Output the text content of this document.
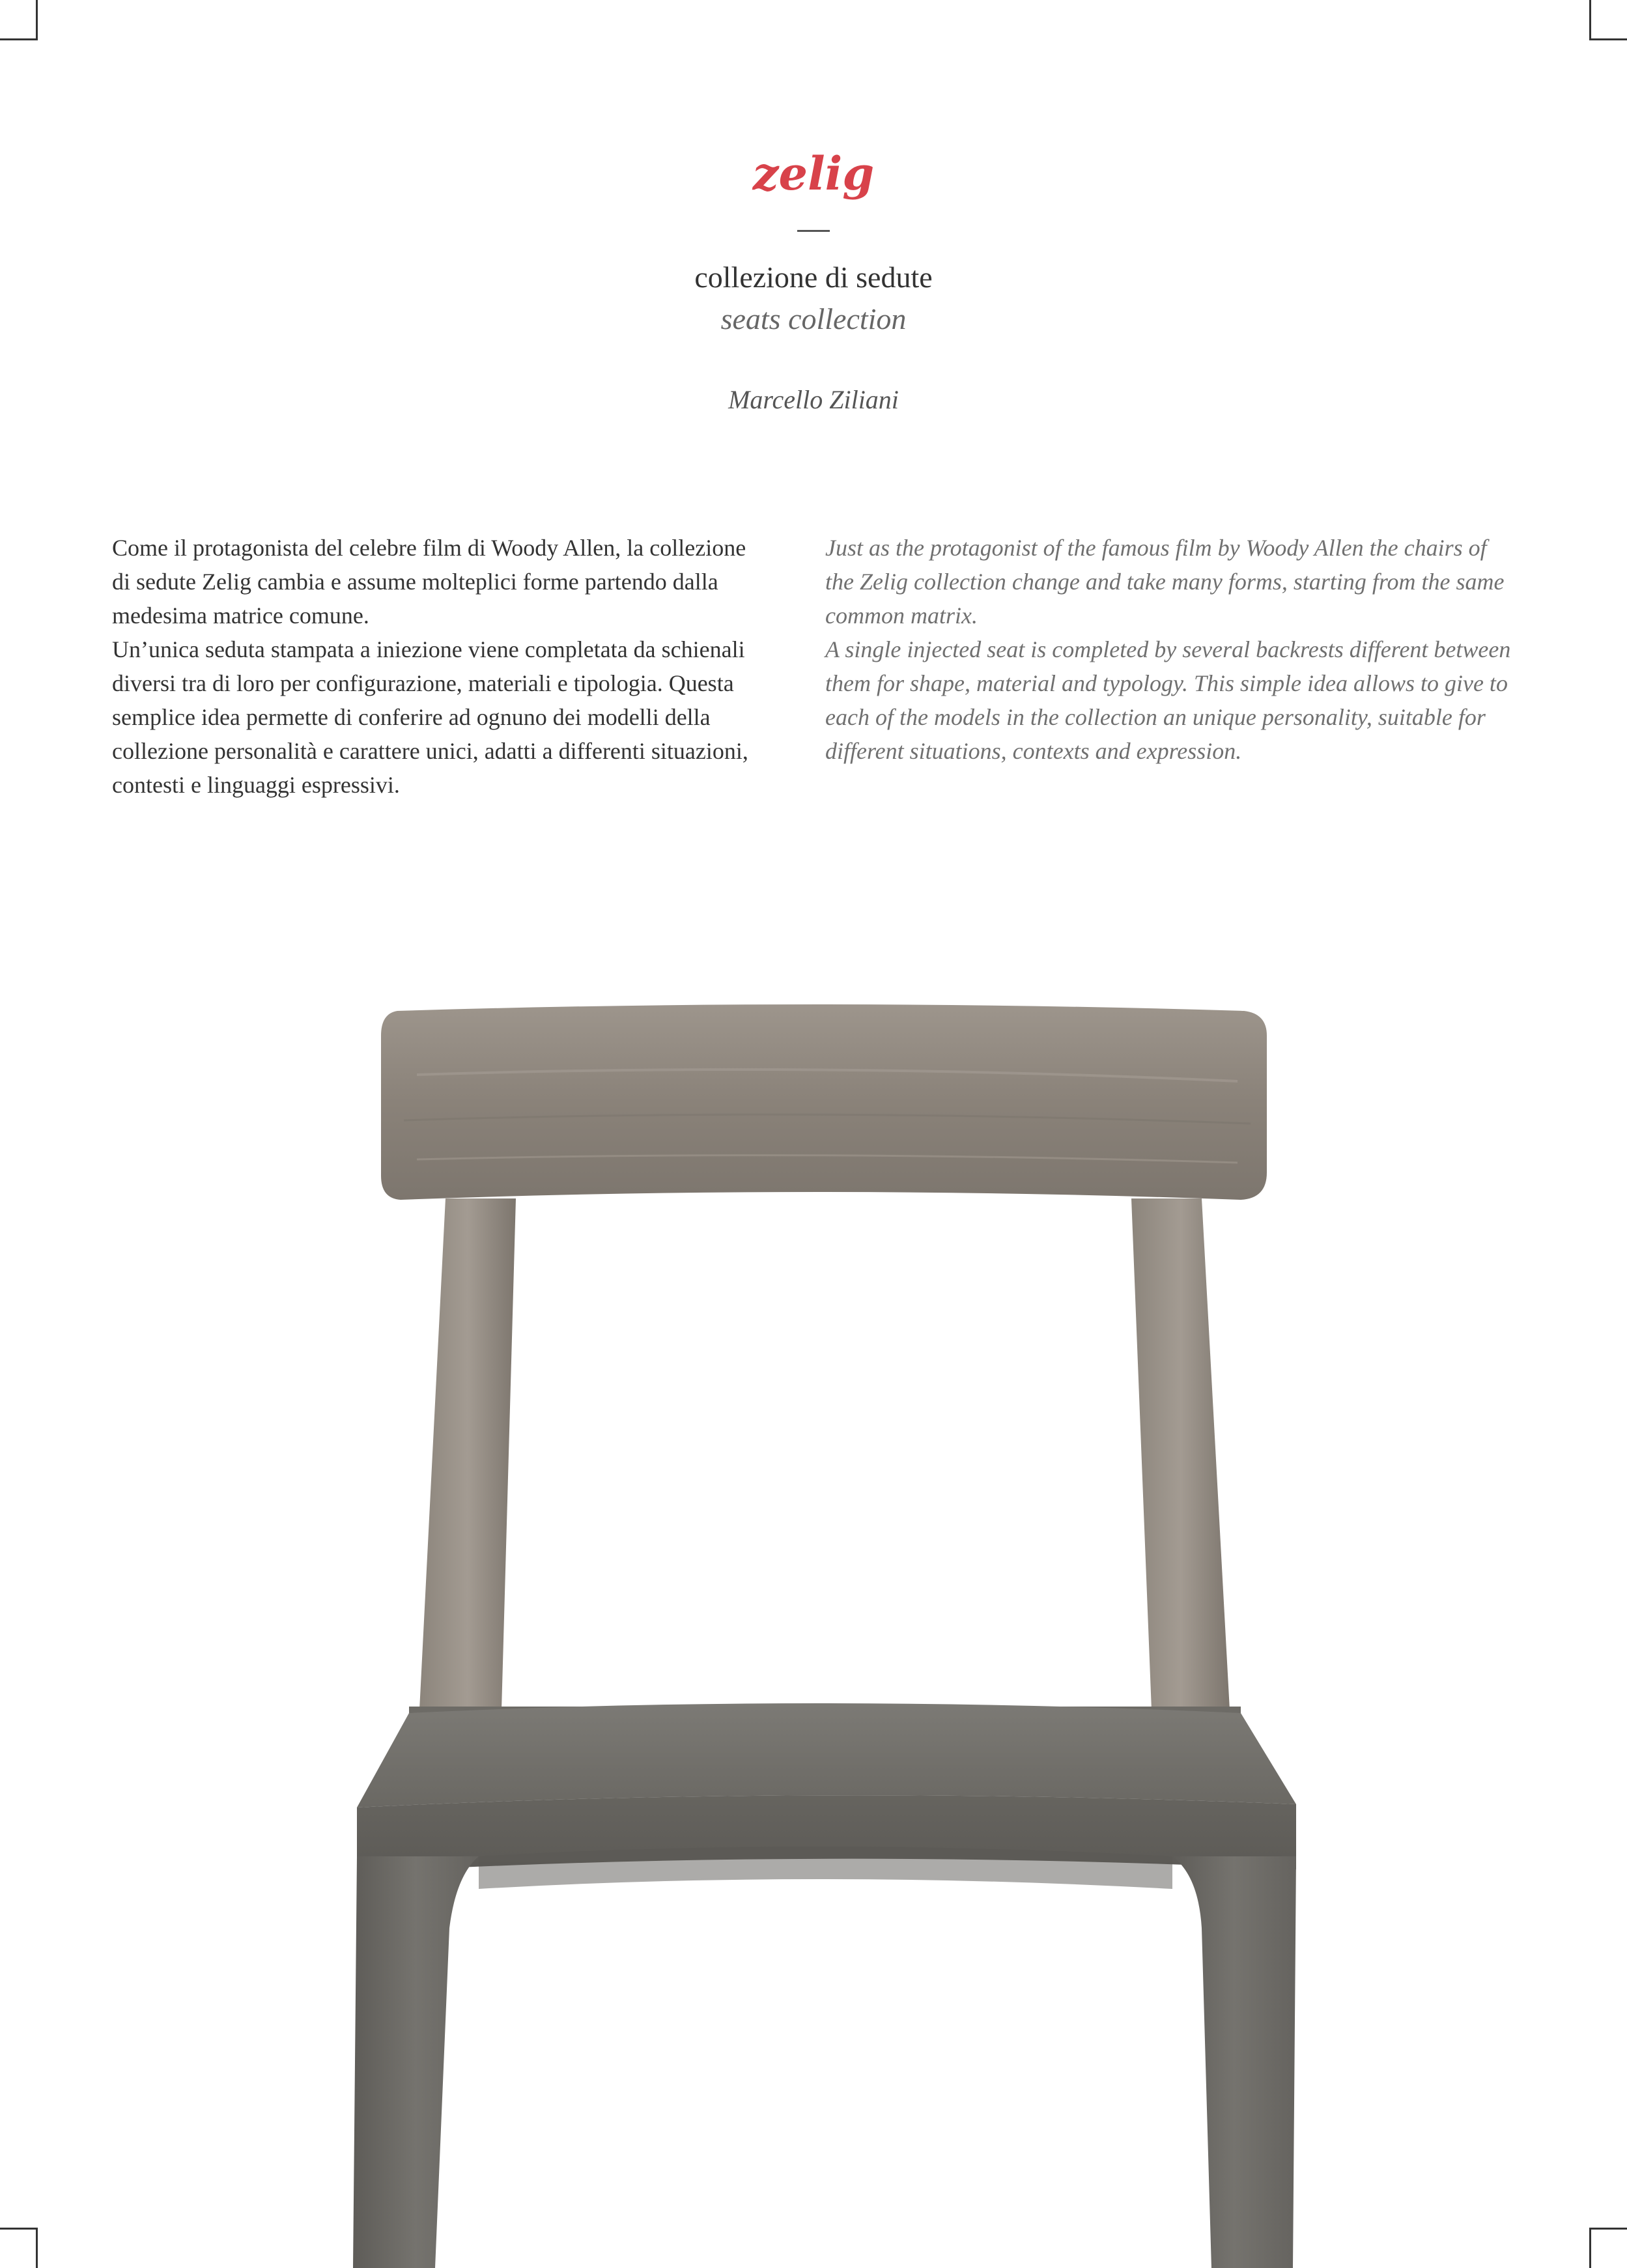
zelig
collezione di sedute
seats collection
Marcello Ziliani

Come il protagonista del celebre film di Woody Allen, la collezione di sedute Zelig cambia e assume molteplici forme partendo dalla medesima matrice comune.

Un’unica seduta stampata a iniezione viene completata da schienali diversi tra di loro per configurazione, materiali e tipologia. Questa semplice idea permette di conferire ad ognuno dei modelli della collezione personalità e carattere unici, adatti a differenti situazioni, contesti e linguaggi espressivi.

Just as the protagonist of the famous film by Woody Allen the chairs of the Zelig collection change and take many forms, starting from the same common matrix.

A single injected seat is completed by several backrests different between them for shape, material and typology. This simple idea allows to give to each of the models in the collection an unique personality, suitable for different situations, contexts and expression.
